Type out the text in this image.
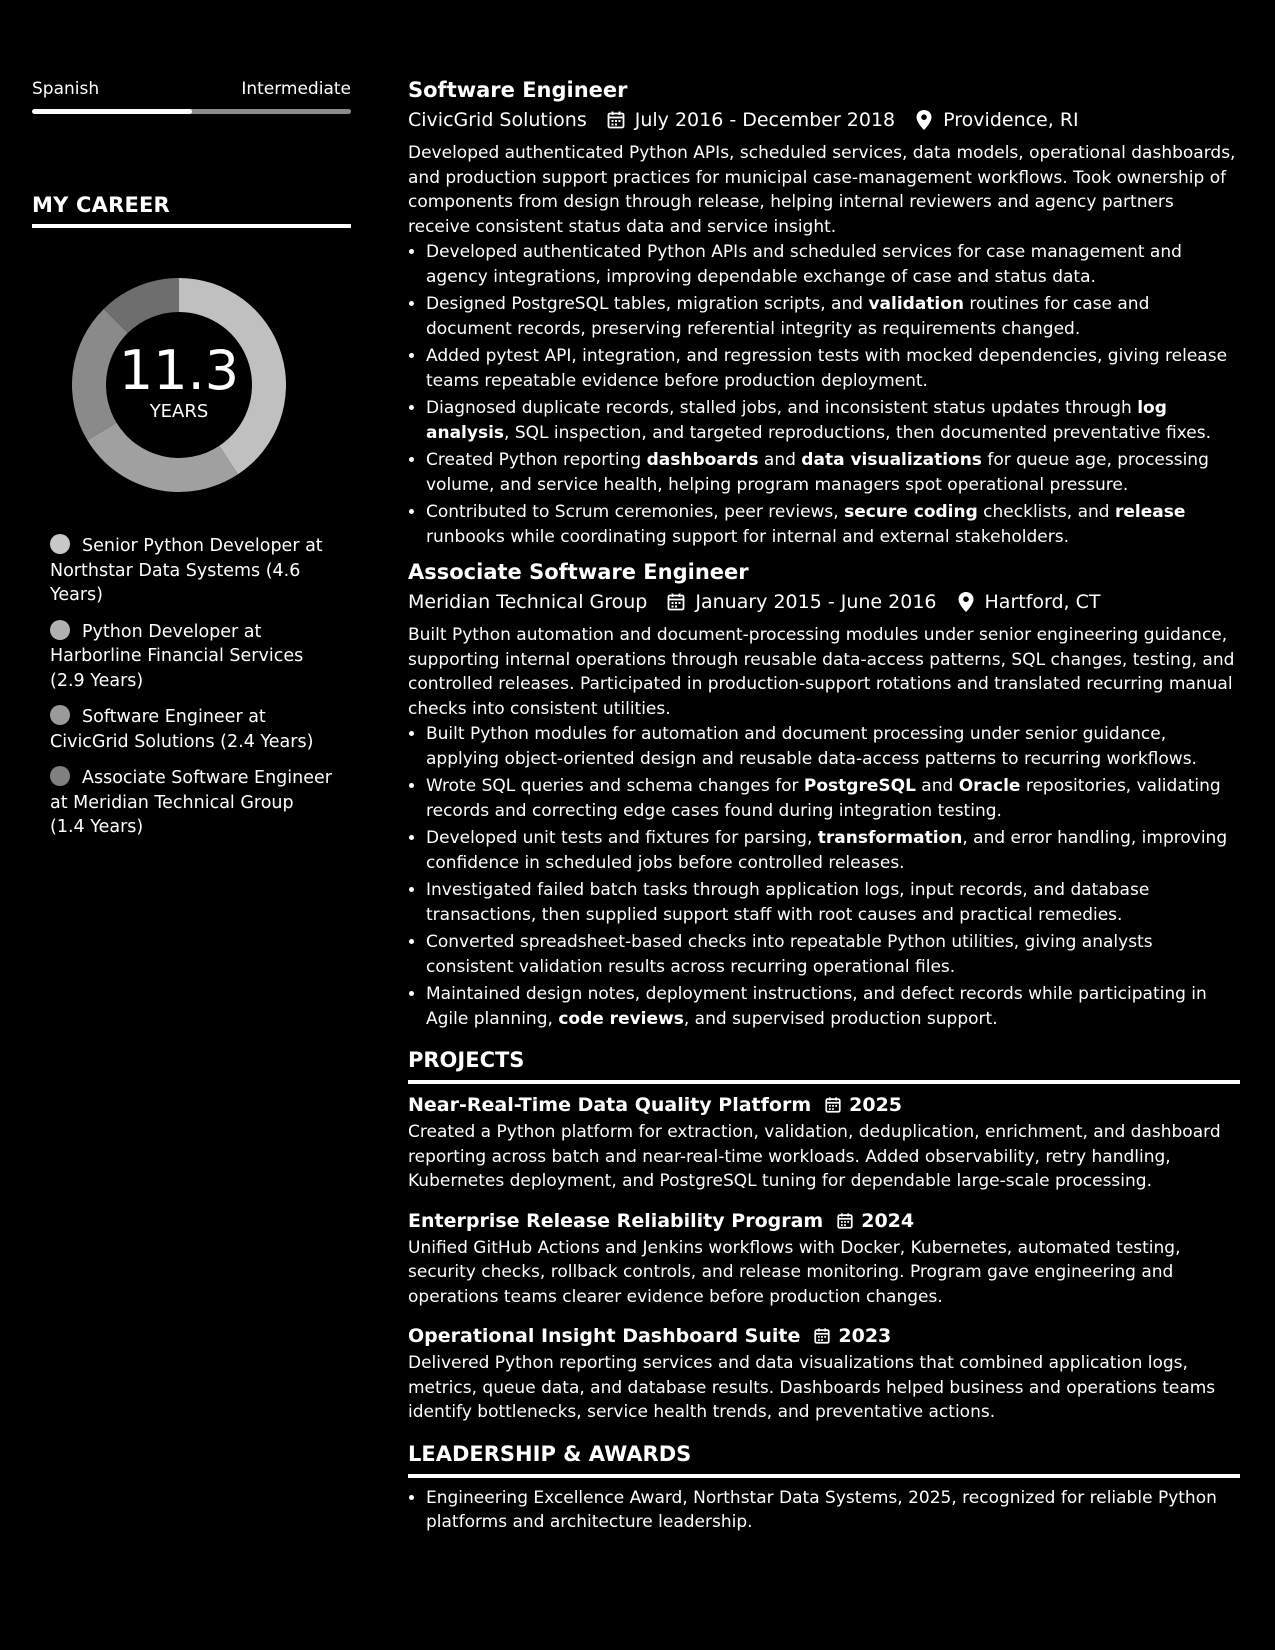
Spanish	Intermediate
MY CAREER
11.3
YEARS
Senior Python Developer at Northstar Data Systems (4.6 Years)
Python Developer at Harborline Financial Services (2.9 Years)
Software Engineer at CivicGrid Solutions (2.4 Years)
Associate Software Engineer at Meridian Technical Group (1.4 Years)
Software Engineer
CivicGrid Solutions	July 2016 - December 2018	Providence, RI
Developed authenticated Python APIs, scheduled services, data models, operational dashboards, and production support practices for municipal case-management workflows. Took ownership of components from design through release, helping internal reviewers and agency partners receive consistent status data and service insight.
• Developed authenticated Python APIs and scheduled services for case management and agency integrations, improving dependable exchange of case and status data.
• Designed PostgreSQL tables, migration scripts, and validation routines for case and document records, preserving referential integrity as requirements changed.
• Added pytest API, integration, and regression tests with mocked dependencies, giving release teams repeatable evidence before production deployment.
• Diagnosed duplicate records, stalled jobs, and inconsistent status updates through log analysis, SQL inspection, and targeted reproductions, then documented preventative fixes.
• Created Python reporting dashboards and data visualizations for queue age, processing volume, and service health, helping program managers spot operational pressure.
• Contributed to Scrum ceremonies, peer reviews, secure coding checklists, and release runbooks while coordinating support for internal and external stakeholders.
Associate Software Engineer
Meridian Technical Group	January 2015 - June 2016	Hartford, CT
Built Python automation and document-processing modules under senior engineering guidance, supporting internal operations through reusable data-access patterns, SQL changes, testing, and controlled releases. Participated in production-support rotations and translated recurring manual checks into consistent utilities.
• Built Python modules for automation and document processing under senior guidance, applying object-oriented design and reusable data-access patterns to recurring workflows.
• Wrote SQL queries and schema changes for PostgreSQL and Oracle repositories, validating records and correcting edge cases found during integration testing.
• Developed unit tests and fixtures for parsing, transformation, and error handling, improving confidence in scheduled jobs before controlled releases.
• Investigated failed batch tasks through application logs, input records, and database transactions, then supplied support staff with root causes and practical remedies.
• Converted spreadsheet-based checks into repeatable Python utilities, giving analysts consistent validation results across recurring operational files.
• Maintained design notes, deployment instructions, and defect records while participating in Agile planning, code reviews, and supervised production support.
PROJECTS
Near-Real-Time Data Quality Platform 2025
Created a Python platform for extraction, validation, deduplication, enrichment, and dashboard reporting across batch and near-real-time workloads. Added observability, retry handling, Kubernetes deployment, and PostgreSQL tuning for dependable large-scale processing.
Enterprise Release Reliability Program 2024
Unified GitHub Actions and Jenkins workflows with Docker, Kubernetes, automated testing, security checks, rollback controls, and release monitoring. Program gave engineering and operations teams clearer evidence before production changes.
Operational Insight Dashboard Suite 2023
Delivered Python reporting services and data visualizations that combined application logs, metrics, queue data, and database results. Dashboards helped business and operations teams identify bottlenecks, service health trends, and preventative actions.
LEADERSHIP & AWARDS
• Engineering Excellence Award, Northstar Data Systems, 2025, recognized for reliable Python platforms and architecture leadership.
